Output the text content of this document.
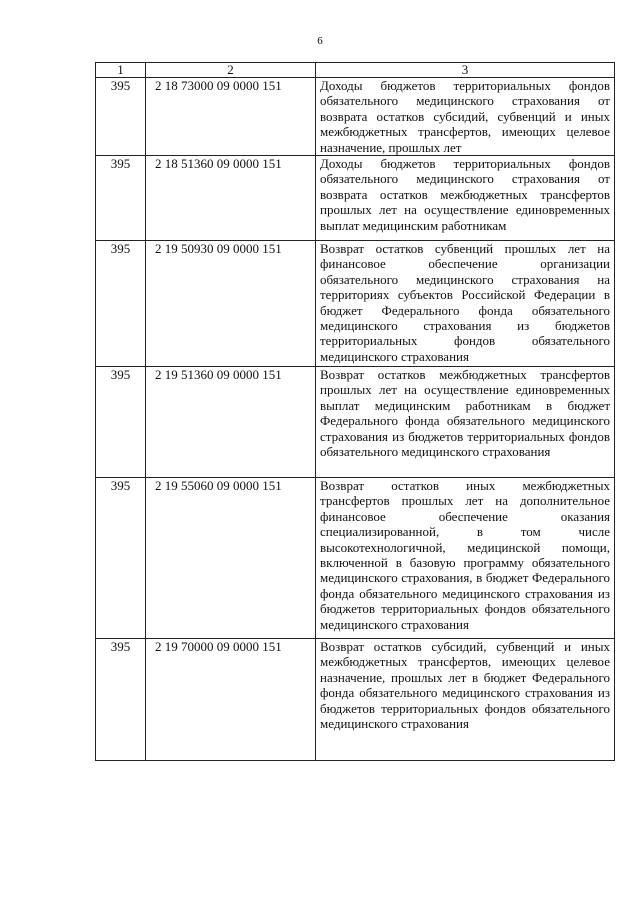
6
1	2	3
395	2 18 73000 09 0000 151	Доходы бюджетов территориальных фондов обязательного медицинского страхования от возврата остатков субсидий, субвенций и иных межбюджетных трансфертов, имеющих целевое назначение, прошлых лет

395	2 18 51360 09 0000 151	Доходы бюджетов территориальных фондов обязательного медицинского страхования от возврата остатков межбюджетных трансфертов прошлых лет на осуществление единовременных выплат медицинским работникам

395	2 19 50930 09 0000 151	Возврат остатков субвенций прошлых лет на финансовое обеспечение организации обязательного медицинского страхования на территориях субъектов Российской Федерации в бюджет Федерального фонда обязательного медицинского страхования из бюджетов территориальных фондов обязательного медицинского страхования

395	2 19 51360 09 0000 151	Возврат остатков межбюджетных трансфертов прошлых лет на осуществление единовременных выплат медицинским работникам в бюджет Федерального фонда обязательного медицинского страхования из бюджетов территориальных фондов обязательного медицинского страхования

395	2 19 55060 09 0000 151	Возврат остатков иных межбюджетных трансфертов прошлых лет на дополнительное финансовое обеспечение оказания специализированной, в том числе высокотехнологичной, медицинской помощи, включенной в базовую программу обязательного медицинского страхования, в бюджет Федерального фонда обязательного медицинского страхования из бюджетов территориальных фондов обязательного медицинского страхования

395	2 19 70000 09 0000 151	Возврат остатков субсидий, субвенций и иных межбюджетных трансфертов, имеющих целевое назначение, прошлых лет в бюджет Федерального фонда обязательного медицинского страхования из бюджетов территориальных фондов обязательного медицинского страхования
